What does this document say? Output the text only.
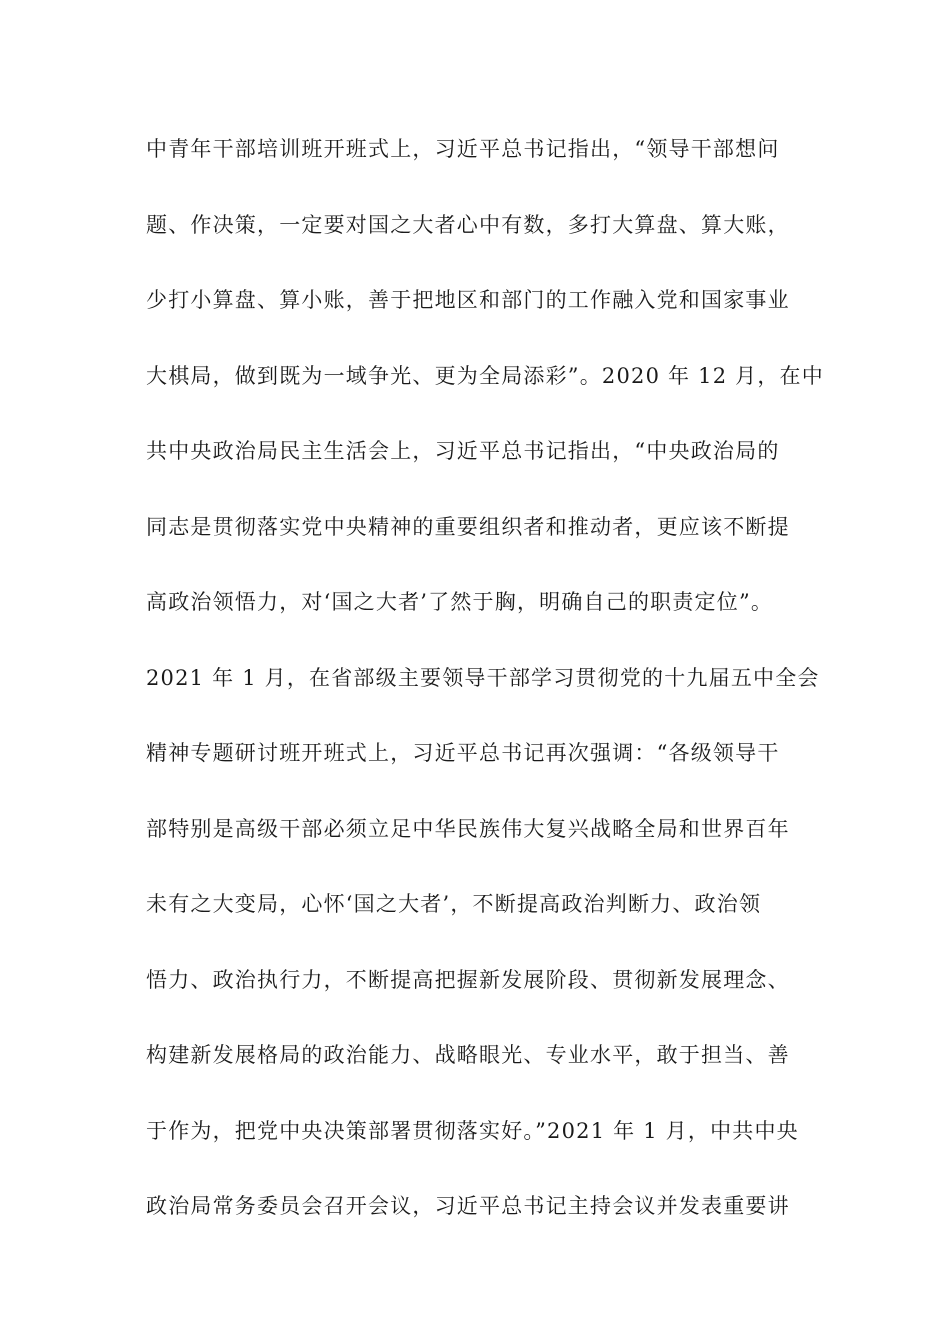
中青年干部培训班开班式上，习近平总书记指出，“领导干部想问
题、作决策，一定要对国之大者心中有数，多打大算盘、算大账，
少打小算盘、算小账，善于把地区和部门的工作融入党和国家事业
大棋局，做到既为一域争光、更为全局添彩”。2020 年 12 月，在中
共中央政治局民主生活会上，习近平总书记指出，“中央政治局的
同志是贯彻落实党中央精神的重要组织者和推动者，更应该不断提
高政治领悟力，对‘国之大者’了然于胸，明确自己的职责定位”。
2021 年 1 月，在省部级主要领导干部学习贯彻党的十九届五中全会
精神专题研讨班开班式上，习近平总书记再次强调：“各级领导干
部特别是高级干部必须立足中华民族伟大复兴战略全局和世界百年
未有之大变局，心怀‘国之大者’，不断提高政治判断力、政治领
悟力、政治执行力，不断提高把握新发展阶段、贯彻新发展理念、
构建新发展格局的政治能力、战略眼光、专业水平，敢于担当、善
于作为，把党中央决策部署贯彻落实好。”2021 年 1 月，中共中央
政治局常务委员会召开会议，习近平总书记主持会议并发表重要讲
